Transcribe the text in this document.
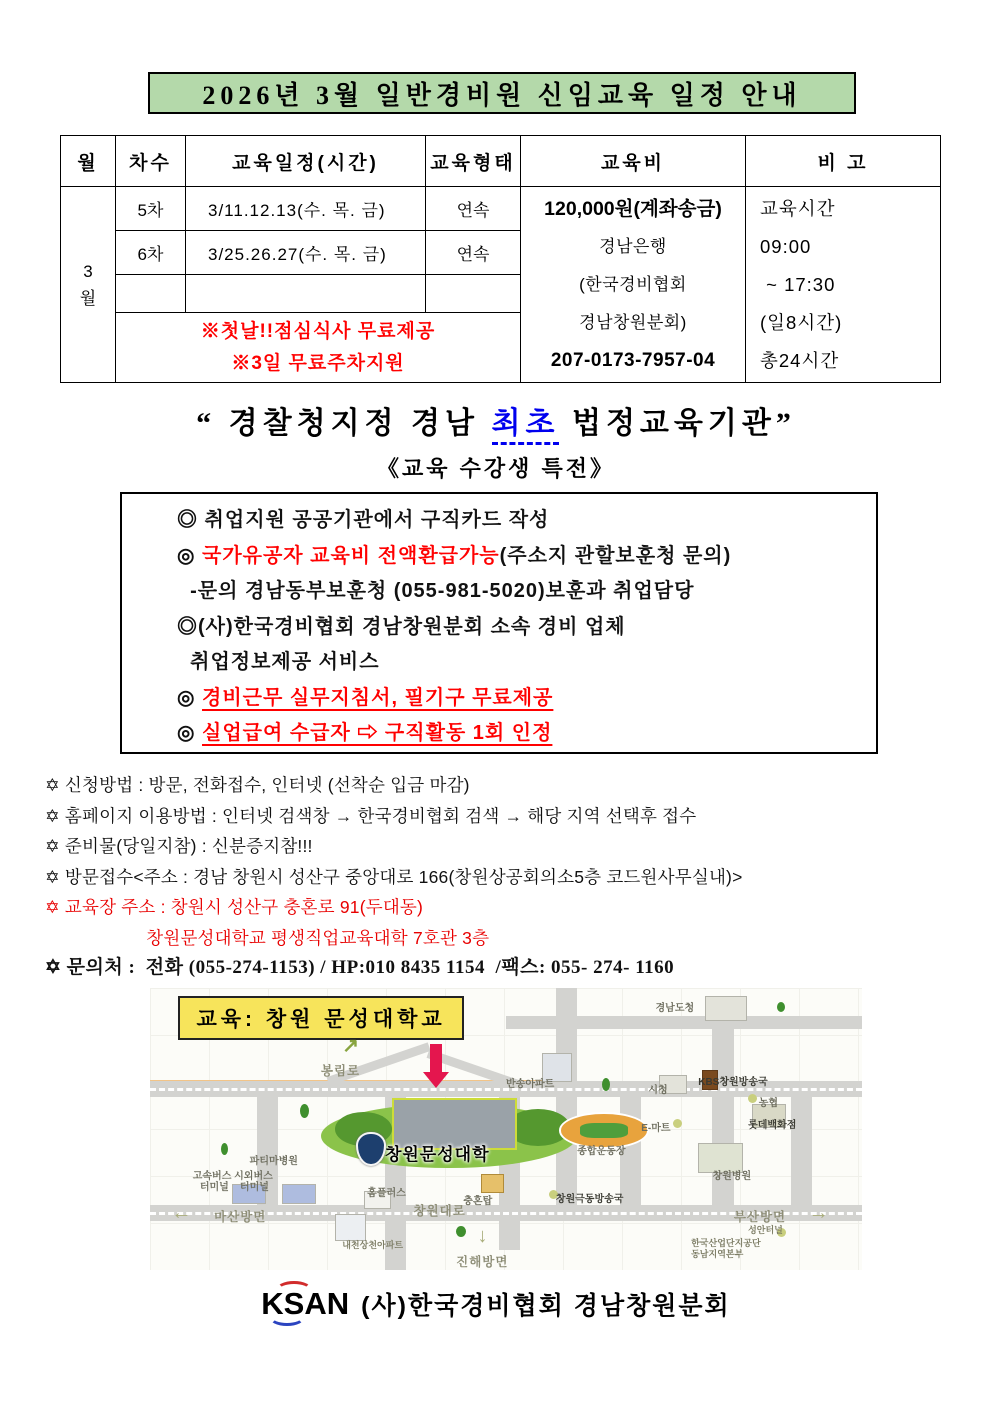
2026년 3월 일반경비원 신임교육 일정 안내
월	차수	교육일정(시간)	교육형태	교육비	비 고

3
월
	5차	3/11.12.13(수. 목. 금)	연속	120,000원(계좌송금)
경남은행
(한국경비협회
경남창원분회)
207-0173-7957-04

교육시간
09:00
~ 17:30
(일8시간)
총24시간

	6차	3/25.26.27(수. 목. 금)	연속		

	※첫날!!점심식사 무료제공
※3일 무료주차지원				
“ 경찰청지정 경남 최초 법정교육기관”
《교육 수강생 특전》
◎ 취업지원 공공기관에서 구직카드 작성
◎ 국가유공자 교육비 전액환급가능(주소지 관할보훈청 문의)
-문의 경남동부보훈청 (055-981-5020)보훈과 취업담당
◎(사)한국경비협회 경남창원분회 소속 경비 업체
취업정보제공 서비스
◎ 경비근무 실무지침서, 필기구 무료제공
◎ 실업급여 수급자 ⇨ 구직활동 1회 인정
✡ 신청방법 : 방문, 전화접수, 인터넷 (선착순 입금 마감)
✡ 홈페이지 이용방법 : 인터넷 검색창 → 한국경비협회 검색 → 해당 지역 선택후 접수
✡ 준비물(당일지참) : 신분증지참!!!
✡ 방문접수<주소 : 경남 창원시 성산구 중앙대로 166(창원상공회의소5층 코드원사무실내)>
✡ 교육장 주소 : 창원시 성산구 충혼로 91(두대동)
창원문성대학교 평생직업교육대학 7호관 3층
✡ 문의처 :  전화 (055-274-1153) / HP:010 8435 1154  /팩스: 055- 274- 1160
교육: 창원 문성대학교	경남도청
봉림로
반송아파트
시청
KBS창원방송국
농협
E-마트	롯데백화점
창원문성대학	종합운동장
파티마병원
고속버스 시외버스
터미널    터미널
홈플러스
충혼탑	창원극동방송국
창원병원
마산방면	창원대로	부산방면
성안터널
내천상천아파트
진해방면
한국산업단지공단
동남지역본부
←	→
↓
↗
KSAN (사)한국경비협회 경남창원분회
